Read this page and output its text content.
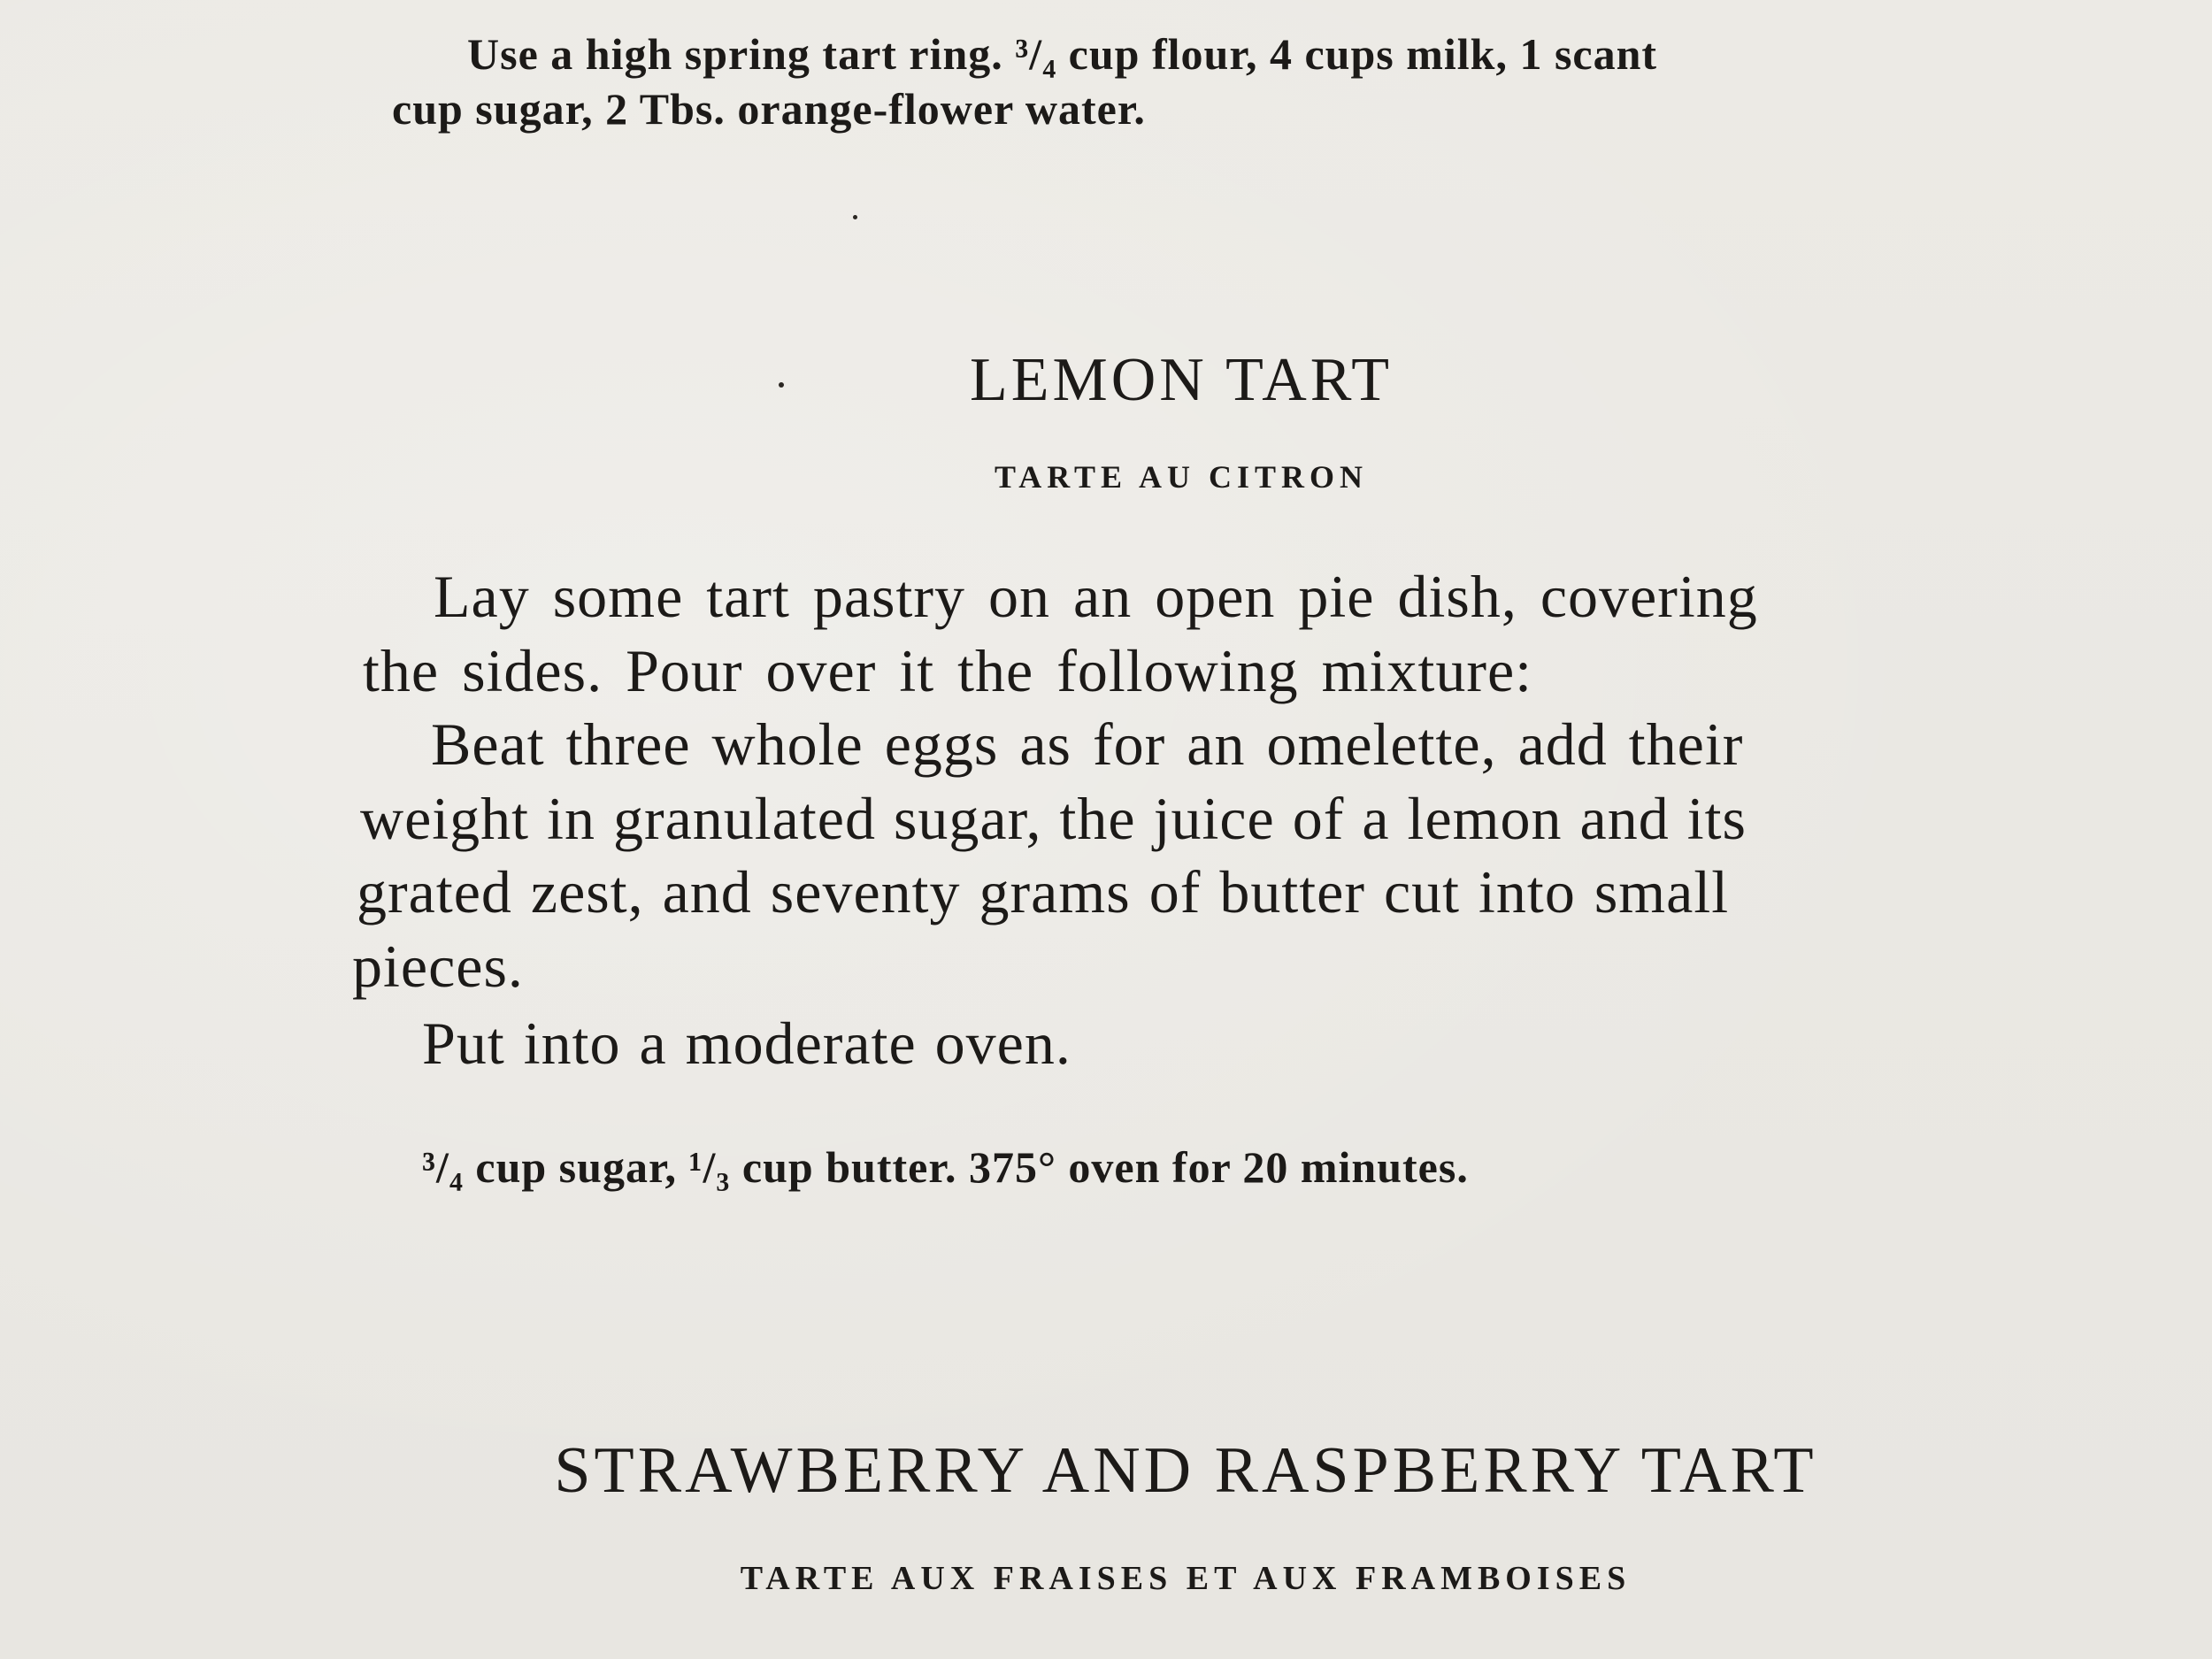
Use a high spring tart ring. ³/₄ cup flour, 4 cups milk, 1 scant
cup sugar, 2 Tbs. orange-flower water.
LEMON TART
TARTE AU CITRON
Lay some tart pastry on an open pie dish, covering
the sides. Pour over it the following mixture:
Beat three whole eggs as for an omelette, add their
weight in granulated sugar, the juice of a lemon and its
grated zest, and seventy grams of butter cut into small
pieces.
Put into a moderate oven.
³/₄ cup sugar, ¹/₃ cup butter. 375° oven for 20 minutes.
STRAWBERRY AND RASPBERRY TART
TARTE AUX FRAISES ET AUX FRAMBOISES
